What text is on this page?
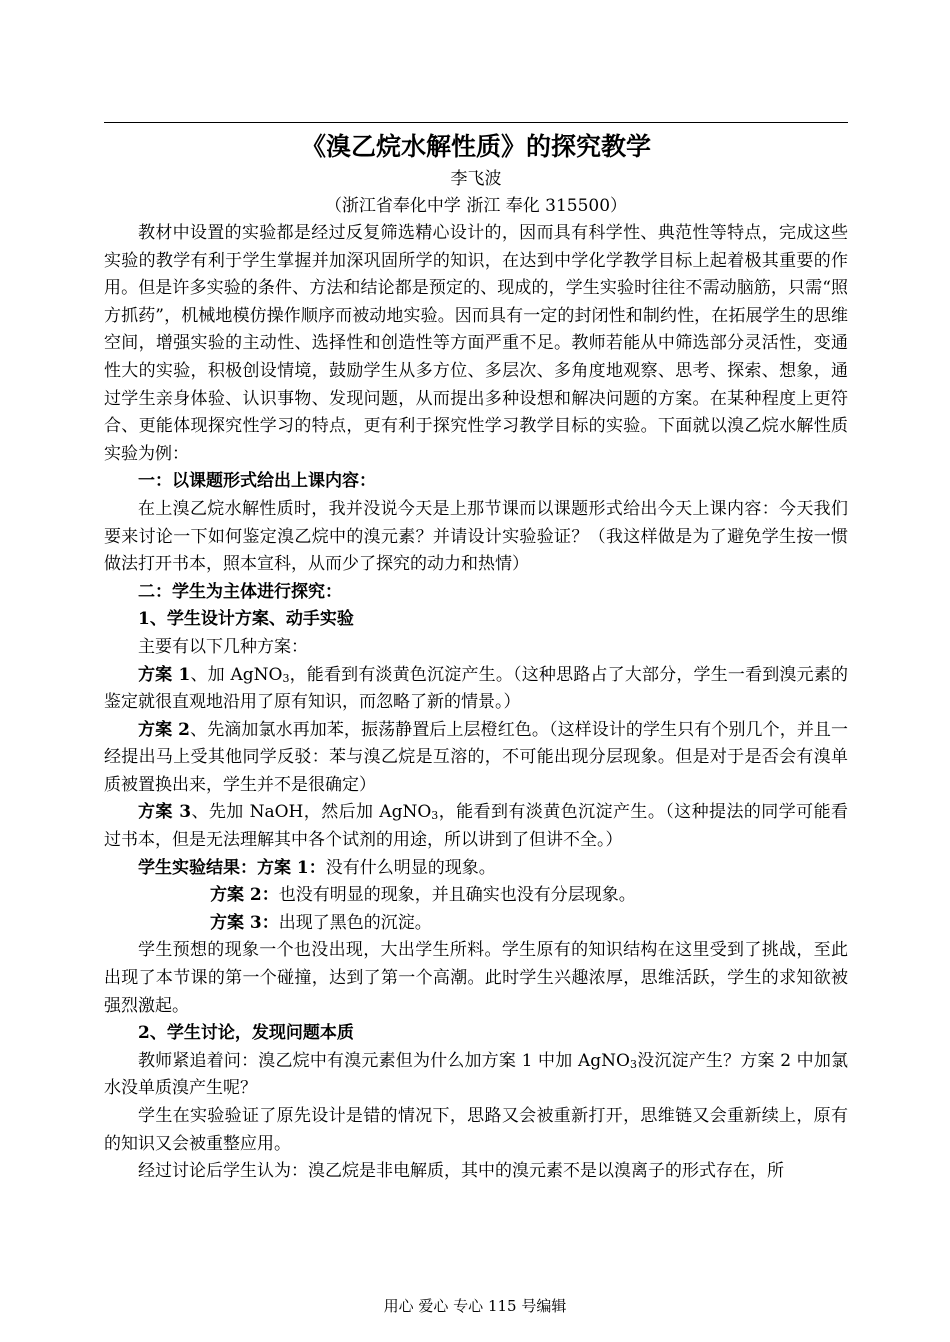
《溴乙烷水解性质》的探究教学
李飞波
（浙江省奉化中学 浙江 奉化 315500）

教材中设置的实验都是经过反复筛选精心设计的，因而具有科学性、典范性等特点，完成这些实验的教学有利于学生掌握并加深巩固所学的知识，在达到中学化学教学目标上起着极其重要的作用。但是许多实验的条件、方法和结论都是预定的、现成的，学生实验时往往不需动脑筋，只需“照方抓药”，机械地模仿操作顺序而被动地实验。因而具有一定的封闭性和制约性，在拓展学生的思维空间，增强实验的主动性、选择性和创造性等方面严重不足。教师若能从中筛选部分灵活性，变通性大的实验，积极创设情境，鼓励学生从多方位、多层次、多角度地观察、思考、探索、想象，通过学生亲身体验、认识事物、发现问题，从而提出多种设想和解决问题的方案。在某种程度上更符合、更能体现探究性学习的特点，更有利于探究性学习教学目标的实验。下面就以溴乙烷水解性质实验为例：

一：以课题形式给出上课内容：

在上溴乙烷水解性质时，我并没说今天是上那节课而以课题形式给出今天上课内容：今天我们要来讨论一下如何鉴定溴乙烷中的溴元素？并请设计实验验证？（我这样做是为了避免学生按一惯做法打开书本，照本宣科，从而少了探究的动力和热情）

二：学生为主体进行探究：

1、学生设计方案、动手实验

主要有以下几种方案：

方案 1、加 AgNO$_3$，能看到有淡黄色沉淀产生。（这种思路占了大部分，学生一看到溴元素的鉴定就很直观地沿用了原有知识，而忽略了新的情景。）

方案 2、先滴加氯水再加苯，振荡静置后上层橙红色。（这样设计的学生只有个别几个，并且一经提出马上受其他同学反驳：苯与溴乙烷是互溶的，不可能出现分层现象。但是对于是否会有溴单质被置换出来，学生并不是很确定）

方案 3、先加 NaOH，然后加 AgNO$_3$，能看到有淡黄色沉淀产生。（这种提法的同学可能看过书本，但是无法理解其中各个试剂的用途，所以讲到了但讲不全。）

学生实验结果：方案 1：没有什么明显的现象。

方案 2：也没有明显的现象，并且确实也没有分层现象。

方案 3：出现了黑色的沉淀。

学生预想的现象一个也没出现，大出学生所料。学生原有的知识结构在这里受到了挑战，至此出现了本节课的第一个碰撞，达到了第一个高潮。此时学生兴趣浓厚，思维活跃，学生的求知欲被强烈激起。

2、学生讨论，发现问题本质

教师紧追着问：溴乙烷中有溴元素但为什么加方案 1 中加 AgNO$_3$没沉淀产生？方案 2 中加氯水没单质溴产生呢？

学生在实验验证了原先设计是错的情况下，思路又会被重新打开，思维链又会重新续上，原有的知识又会被重整应用。

经过讨论后学生认为：溴乙烷是非电解质，其中的溴元素不是以溴离子的形式存在，所

用心 爱心 专心 115 号编辑
